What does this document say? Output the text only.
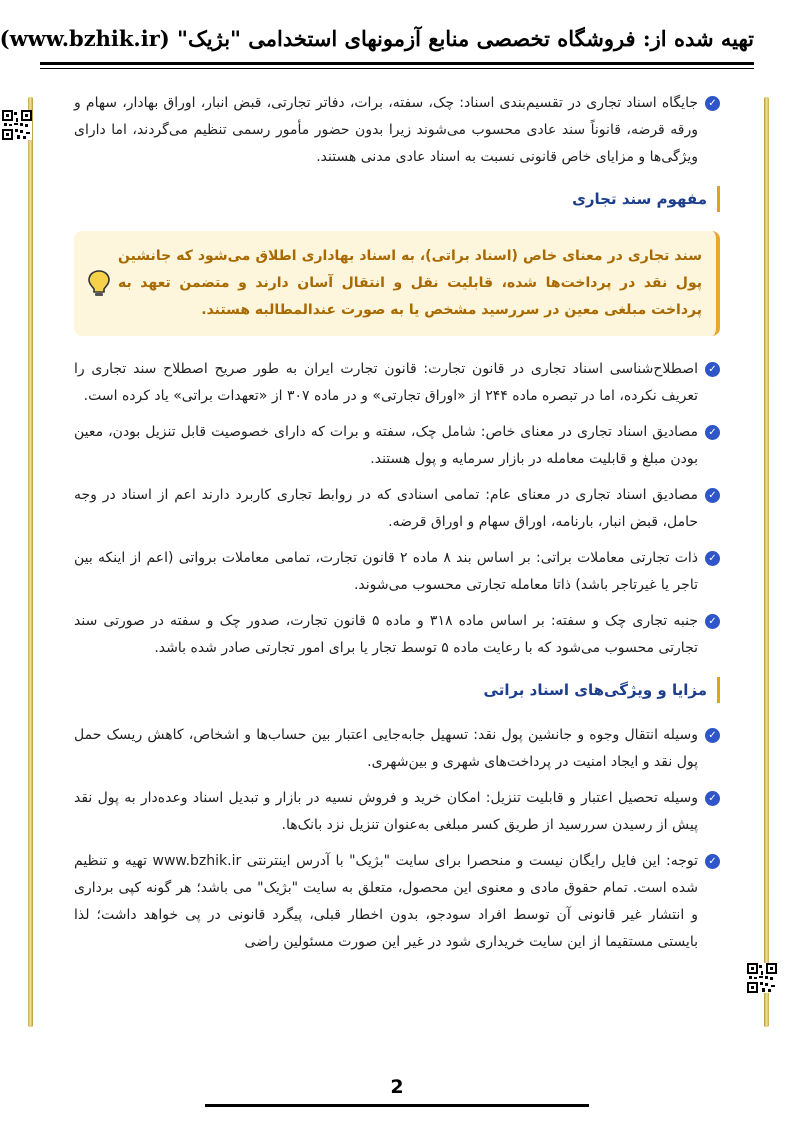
تهیه شده از: فروشگاه تخصصی منابع آزمونهای استخدامی "بژیک" (www.bzhik.ir)
✓
جایگاه اسناد تجاری در تقسیم‌بندی اسناد: چک، سفته، برات، دفاتر تجارتی، قبض انبار، اوراق بهادار، سهام و ورقه قرضه، قانوناً سند عادی محسوب می‌شوند زیرا بدون حضور مأمور رسمی تنظیم می‌گردند، اما دارای ویژگی‌ها و مزایای خاص قانونی نسبت به اسناد عادی مدنی هستند.
مفهوم سند تجاری
سند تجاری در معنای خاص (اسناد براتی)، به اسناد بهاداری اطلاق می‌شود که جانشین پول نقد در پرداخت‌ها شده، قابلیت نقل و انتقال آسان دارند و متضمن تعهد به پرداخت مبلغی معین در سررسید مشخص یا به صورت عندالمطالبه هستند.
✓
اصطلاح‌شناسی اسناد تجاری در قانون تجارت: قانون تجارت ایران به طور صریح اصطلاح سند تجاری را تعریف نکرده، اما در تبصره ماده ۲۴۴ از «اوراق تجارتی» و در ماده ۳۰۷ از «تعهدات براتی» یاد کرده است.
✓
مصادیق اسناد تجاری در معنای خاص: شامل چک، سفته و برات که دارای خصوصیت قابل تنزیل بودن، معین بودن مبلغ و قابلیت معامله در بازار سرمایه و پول هستند.
✓
مصادیق اسناد تجاری در معنای عام: تمامی اسنادی که در روابط تجاری کاربرد دارند اعم از اسناد در وجه حامل، قبض انبار، بارنامه، اوراق سهام و اوراق قرضه.
✓
ذات تجارتی معاملات براتی: بر اساس بند ۸ ماده ۲ قانون تجارت، تمامی معاملات برواتی (اعم از اینکه بین تاجر یا غیرتاجر باشد) ذاتا معامله تجارتی محسوب می‌شوند.
✓
جنبه تجاری چک و سفته: بر اساس ماده ۳۱۸ و ماده ۵ قانون تجارت، صدور چک و سفته در صورتی سند تجارتی محسوب می‌شود که با رعایت ماده ۵ توسط تجار یا برای امور تجارتی صادر شده باشد.
مزایا و ویژگی‌های اسناد براتی
✓
وسیله انتقال وجوه و جانشین پول نقد: تسهیل جابه‌جایی اعتبار بین حساب‌ها و اشخاص، کاهش ریسک حمل پول نقد و ایجاد امنیت در پرداخت‌های شهری و بین‌شهری.
✓
وسیله تحصیل اعتبار و قابلیت تنزیل: امکان خرید و فروش نسیه در بازار و تبدیل اسناد وعده‌دار به پول نقد پیش از رسیدن سررسید از طریق کسر مبلغی به‌عنوان تنزیل نزد بانک‌ها.
✓
توجه: این فایل رایگان نیست و منحصرا برای سایت "بژیک" با آدرس اینترنتی www.bzhik.ir تهیه و تنظیم شده است. تمام حقوق مادی و معنوی این محصول، متعلق به سایت "بژیک" می باشد؛ هر گونه کپی برداری و انتشار غیر قانونی آن توسط افراد سودجو، بدون اخطار قبلی، پیگرد قانونی در پی خواهد داشت؛ لذا بایستی مستقیما از این سایت خریداری شود در غیر این صورت مسئولین راضی
2
